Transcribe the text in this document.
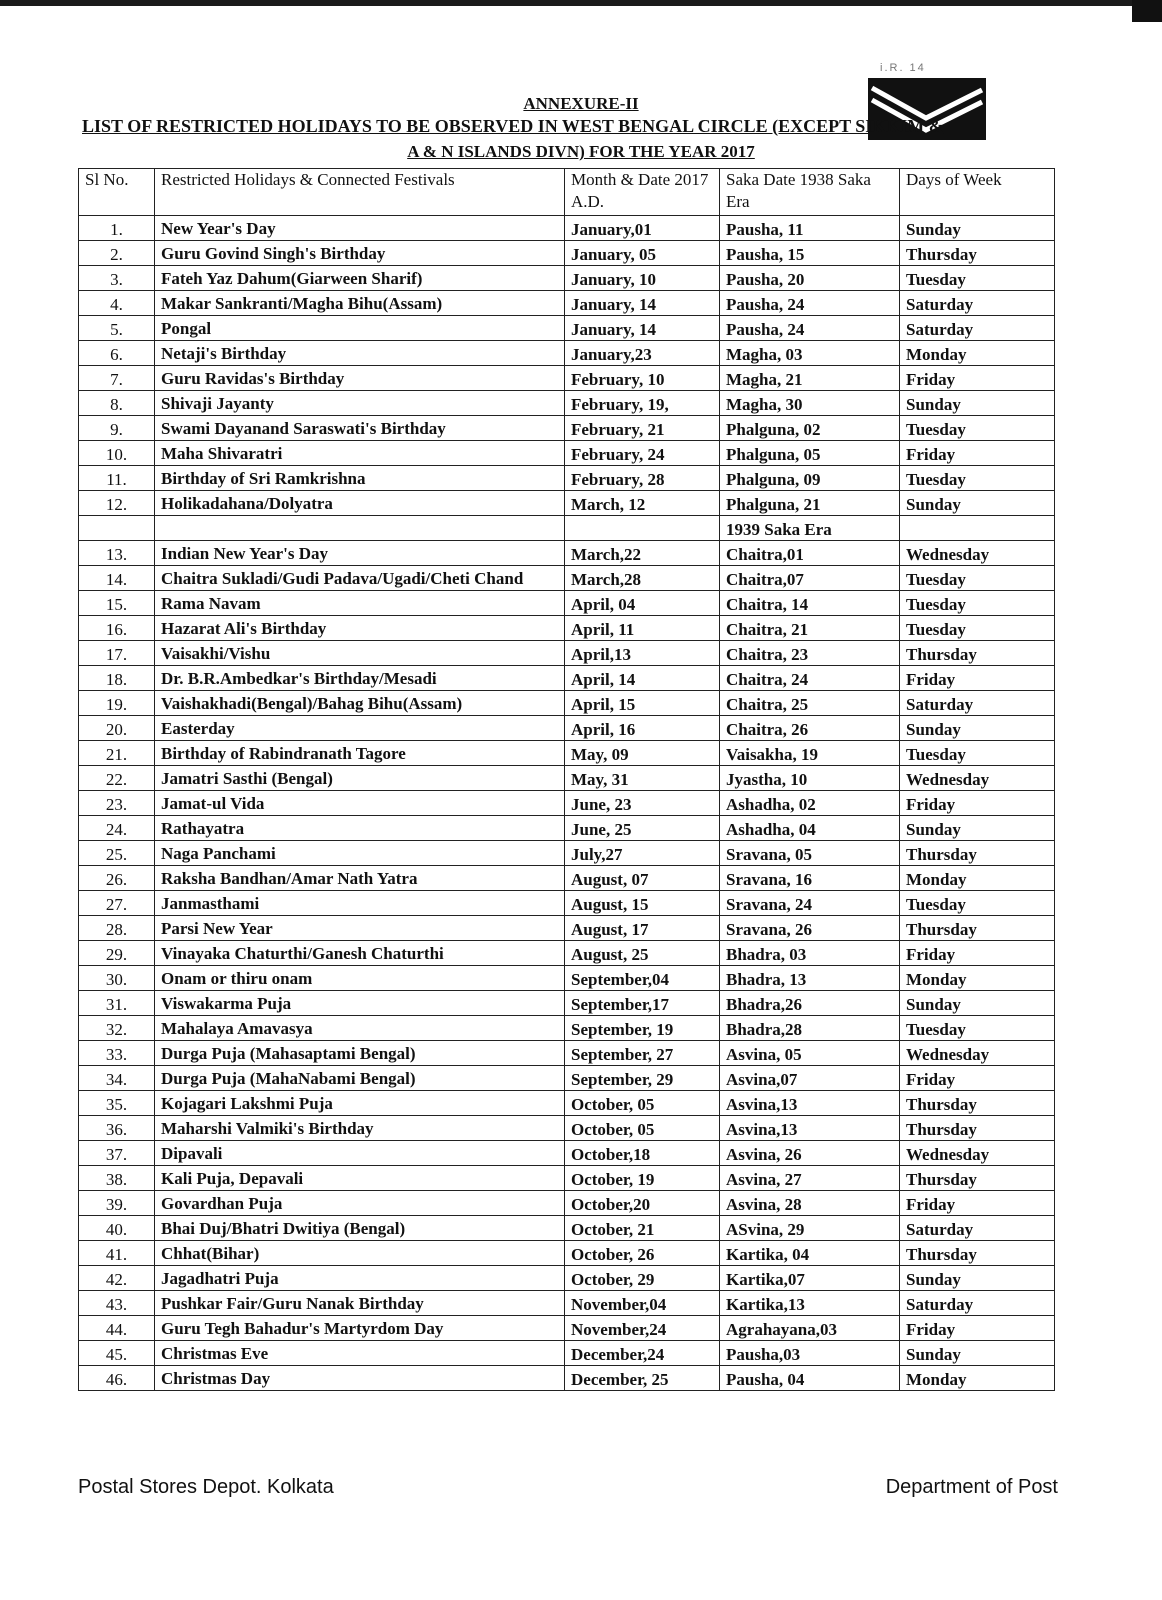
i.R. 14
ANNEXURE-II
LIST OF RESTRICTED HOLIDAYS TO BE OBSERVED IN WEST BENGAL CIRCLE (EXCEPT SIKKIM &
A & N ISLANDS DIVN) FOR THE YEAR 2017
Sl No.	Restricted Holidays & Connected Festivals	Month & Date 2017 A.D.	Saka Date 1938 Saka Era	Days of Week
1.	New Year's Day	January,01	Pausha, 11	Sunday
2.	Guru Govind Singh's Birthday	January, 05	Pausha, 15	Thursday
3.	Fateh Yaz Dahum(Giarween Sharif)	January, 10	Pausha, 20	Tuesday
4.	Makar Sankranti/Magha Bihu(Assam)	January, 14	Pausha, 24	Saturday
5.	Pongal	January, 14	Pausha, 24	Saturday
6.	Netaji's Birthday	January,23	Magha, 03	Monday
7.	Guru Ravidas's Birthday	February, 10	Magha, 21	Friday
8.	Shivaji Jayanty	February, 19,	Magha, 30	Sunday
9.	Swami Dayanand Saraswati's Birthday	February, 21	Phalguna, 02	Tuesday
10.	Maha Shivaratri	February, 24	Phalguna, 05	Friday
11.	Birthday of Sri Ramkrishna	February, 28	Phalguna, 09	Tuesday
12.	Holikadahana/Dolyatra	March, 12	Phalguna, 21	Sunday
			1939 Saka Era	
13.	Indian New Year's Day	March,22	Chaitra,01	Wednesday
14.	Chaitra Sukladi/Gudi Padava/Ugadi/Cheti Chand	March,28	Chaitra,07	Tuesday
15.	Rama Navam	April, 04	Chaitra, 14	Tuesday
16.	Hazarat Ali's Birthday	April, 11	Chaitra, 21	Tuesday
17.	Vaisakhi/Vishu	April,13	Chaitra, 23	Thursday
18.	Dr. B.R.Ambedkar's Birthday/Mesadi	April, 14	Chaitra, 24	Friday
19.	Vaishakhadi(Bengal)/Bahag Bihu(Assam)	April, 15	Chaitra, 25	Saturday
20.	Easterday	April, 16	Chaitra, 26	Sunday
21.	Birthday of Rabindranath Tagore	May, 09	Vaisakha, 19	Tuesday
22.	Jamatri Sasthi (Bengal)	May, 31	Jyastha, 10	Wednesday
23.	Jamat-ul Vida	June, 23	Ashadha, 02	Friday
24.	Rathayatra	June, 25	Ashadha, 04	Sunday
25.	Naga Panchami	July,27	Sravana, 05	Thursday
26.	Raksha Bandhan/Amar Nath Yatra	August, 07	Sravana, 16	Monday
27.	Janmasthami	August, 15	Sravana, 24	Tuesday
28.	Parsi New Year	August, 17	Sravana, 26	Thursday
29.	Vinayaka Chaturthi/Ganesh Chaturthi	August, 25	Bhadra, 03	Friday
30.	Onam or thiru onam	September,04	Bhadra, 13	Monday
31.	Viswakarma Puja	September,17	Bhadra,26	Sunday
32.	Mahalaya Amavasya	September, 19	Bhadra,28	Tuesday
33.	Durga Puja (Mahasaptami Bengal)	September, 27	Asvina, 05	Wednesday
34.	Durga Puja (MahaNabami Bengal)	September, 29	Asvina,07	Friday
35.	Kojagari Lakshmi Puja	October, 05	Asvina,13	Thursday
36.	Maharshi Valmiki's Birthday	October, 05	Asvina,13	Thursday
37.	Dipavali	October,18	Asvina, 26	Wednesday
38.	Kali Puja, Depavali	October, 19	Asvina, 27	Thursday
39.	Govardhan Puja	October,20	Asvina, 28	Friday
40.	Bhai Duj/Bhatri Dwitiya (Bengal)	October, 21	ASvina, 29	Saturday
41.	Chhat(Bihar)	October, 26	Kartika, 04	Thursday
42.	Jagadhatri Puja	October, 29	Kartika,07	Sunday
43.	Pushkar Fair/Guru Nanak Birthday	November,04	Kartika,13	Saturday
44.	Guru Tegh Bahadur's Martyrdom Day	November,24	Agrahayana,03	Friday
45.	Christmas Eve	December,24	Pausha,03	Sunday
46.	Christmas Day	December, 25	Pausha, 04	Monday
Postal Stores Depot. Kolkata	Department of Post
